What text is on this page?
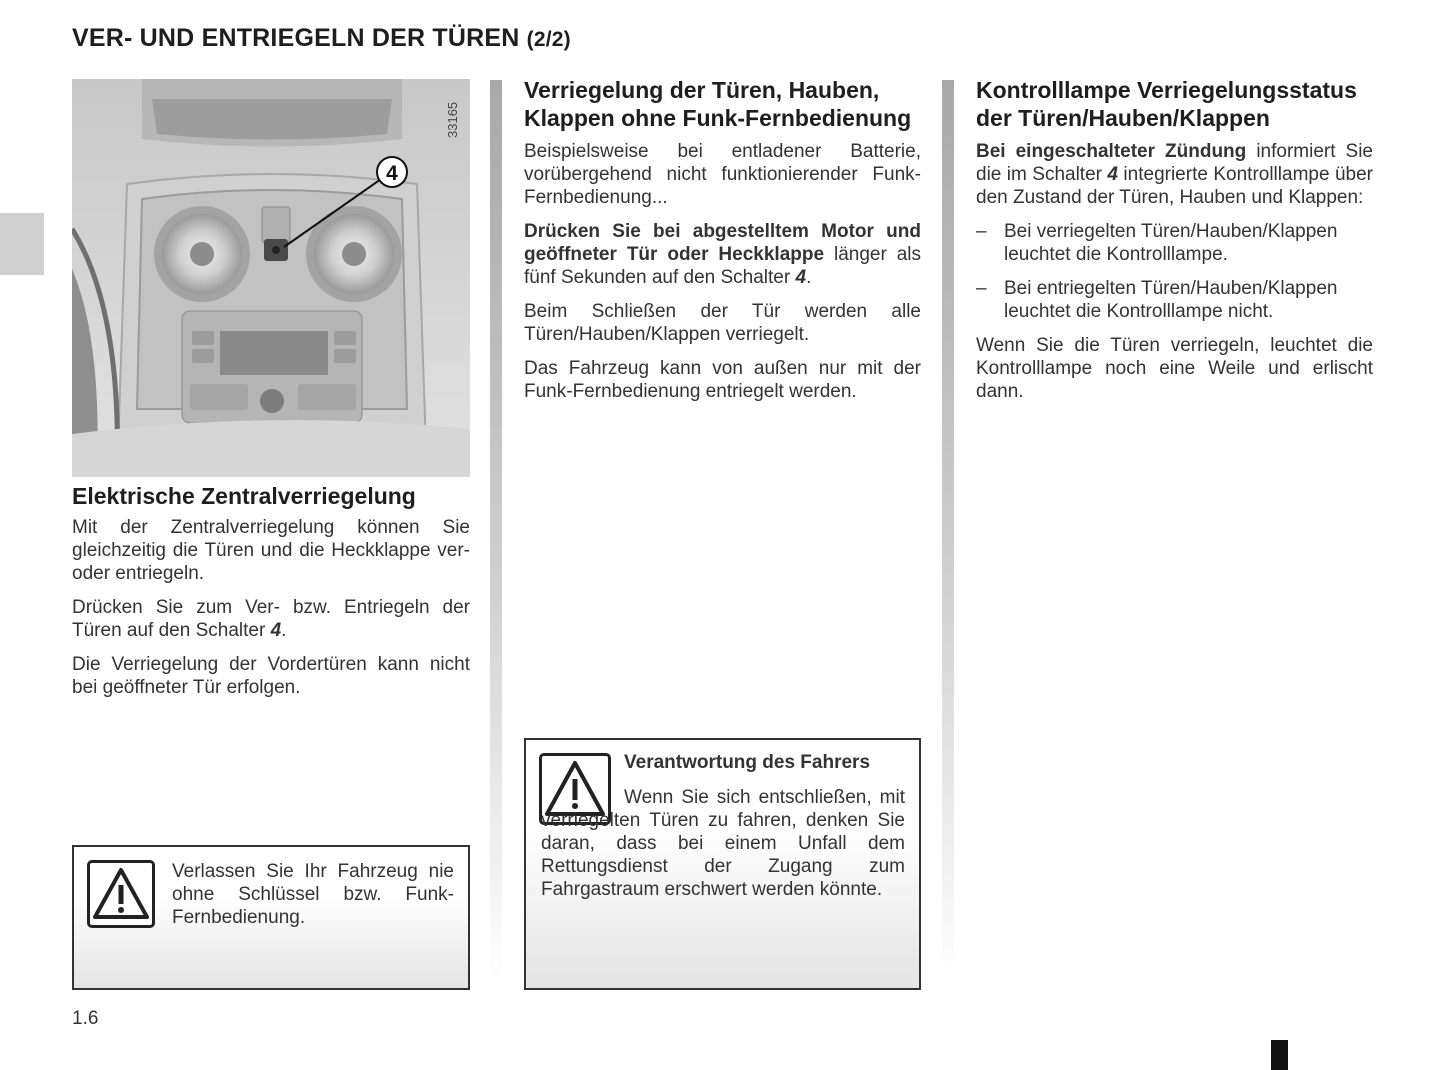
VER- UND ENTRIEGELN DER TÜREN (2/2)
4
33165
Elektrische Zentralverriegelung

Mit der Zentralverriegelung können Sie gleichzeitig die Türen und die Heckklappe ver- oder entriegeln.

Drücken Sie zum Ver- bzw. Entriegeln der Türen auf den Schalter 4.

Die Verriegelung der Vordertüren kann nicht bei geöffneter Tür erfolgen.

Verlassen Sie Ihr Fahrzeug nie ohne Schlüssel bzw. Funk-Fernbedienung.
Verriegelung der Türen, Hauben, Klappen ohne Funk-Fernbedienung

Beispielsweise bei entladener Batterie, vorübergehend nicht funktionierender Funk-Fernbedienung...

Drücken Sie bei abgestelltem Motor und geöffneter Tür oder Heckklappe länger als fünf Sekunden auf den Schalter 4.

Beim Schließen der Tür werden alle Türen/Hauben/Klappen verriegelt.

Das Fahrzeug kann von außen nur mit der Funk-Fernbedienung entriegelt werden.

Verantwortung des Fahrers
Wenn Sie sich entschließen, mit verriegelten Türen zu fahren, denken Sie daran, dass bei einem Unfall dem Rettungsdienst der Zugang zum Fahrgastraum erschwert werden könnte.
Kontrolllampe Verriegelungsstatus der Türen/Hauben/Klappen

Bei eingeschalteter Zündung informiert Sie die im Schalter 4 integrierte Kontrolllampe über den Zustand der Türen, Hauben und Klappen:

– Bei verriegelten Türen/Hauben/Klappen leuchtet die Kontrolllampe.
– Bei entriegelten Türen/Hauben/Klappen leuchtet die Kontrolllampe nicht.

Wenn Sie die Türen verriegeln, leuchtet die Kontrolllampe noch eine Weile und erlischt dann.

1.6
